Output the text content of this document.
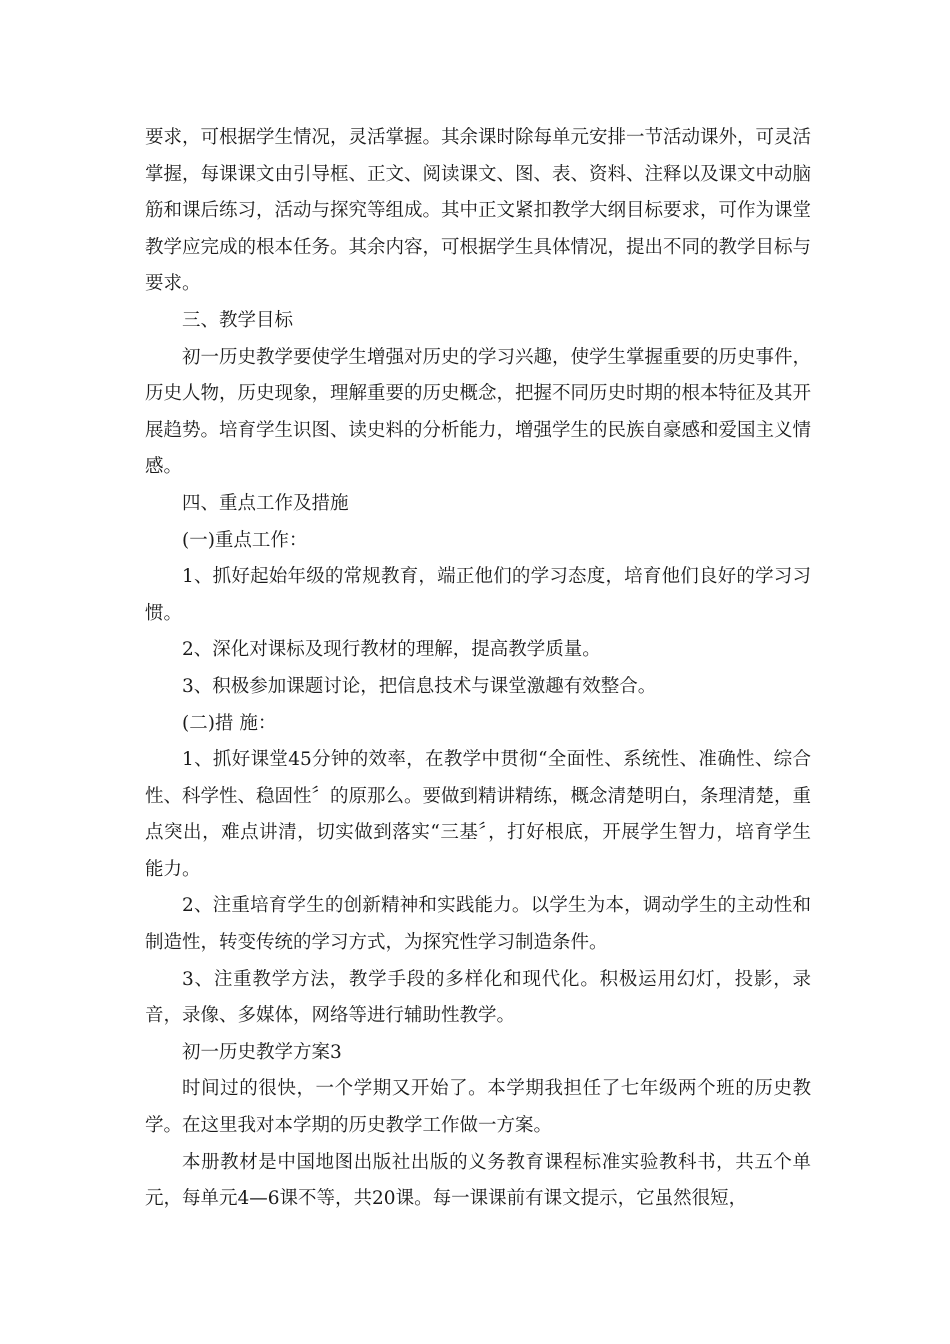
要求，可根据学生情况，灵活掌握。其余课时除每单元安排一节活动课外，可灵活掌握，每课课文由引导框、正文、阅读课文、图、表、资料、注释以及课文中动脑筋和课后练习，活动与探究等组成。其中正文紧扣教学大纲目标要求，可作为课堂教学应完成的根本任务。其余内容，可根据学生具体情况，提出不同的教学目标与要求。

三、教学目标

初一历史教学要使学生增强对历史的学习兴趣，使学生掌握重要的历史事件，历史人物，历史现象，理解重要的历史概念，把握不同历史时期的根本特征及其开展趋势。培育学生识图、读史料的分析能力，增强学生的民族自豪感和爱国主义情感。

四、重点工作及措施

(一)重点工作：

1、抓好起始年级的常规教育，端正他们的学习态度，培育他们良好的学习习惯。

2、深化对课标及现行教材的理解，提高教学质量。

3、积极参加课题讨论，把信息技术与课堂激趣有效整合。

(二)措 施：

1、抓好课堂45分钟的效率，在教学中贯彻“全面性、系统性、准确性、综合性、科学性、稳固性〞的原那么。要做到精讲精练，概念清楚明白，条理清楚，重点突出，难点讲清，切实做到落实“三基〞，打好根底，开展学生智力，培育学生能力。

2、注重培育学生的创新精神和实践能力。以学生为本，调动学生的主动性和制造性，转变传统的学习方式，为探究性学习制造条件。

3、注重教学方法，教学手段的多样化和现代化。积极运用幻灯，投影，录音，录像、多媒体，网络等进行辅助性教学。

初一历史教学方案3

时间过的很快，一个学期又开始了。本学期我担任了七年级两个班的历史教学。在这里我对本学期的历史教学工作做一方案。

本册教材是中国地图出版社出版的义务教育课程标准实验教科书，共五个单元，每单元4—6课不等，共20课。每一课课前有课文提示，它虽然很短，
